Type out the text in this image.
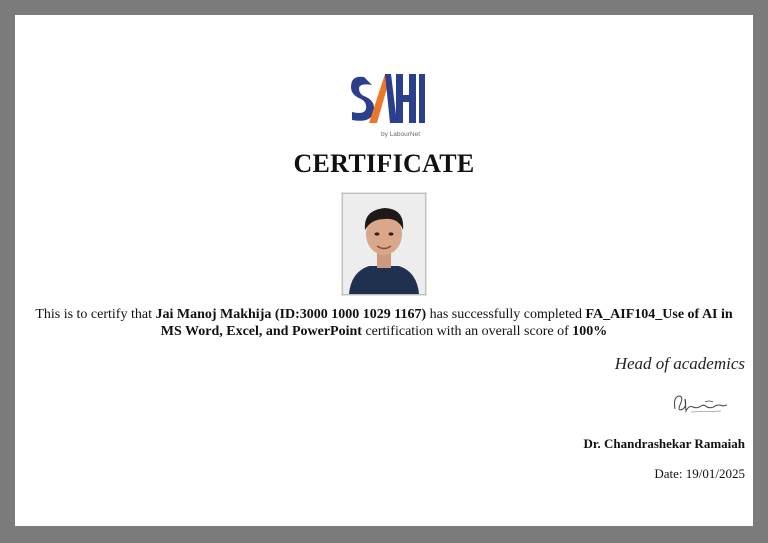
by LabourNet
CERTIFICATE
This is to certify that Jai Manoj Makhija (ID:3000 1000 1029 1167) has successfully completed FA_AIF104_Use of AI in MS Word, Excel, and PowerPoint certification with an overall score of 100%
Head of academics
Dr. Chandrashekar Ramaiah
Date: 19/01/2025
